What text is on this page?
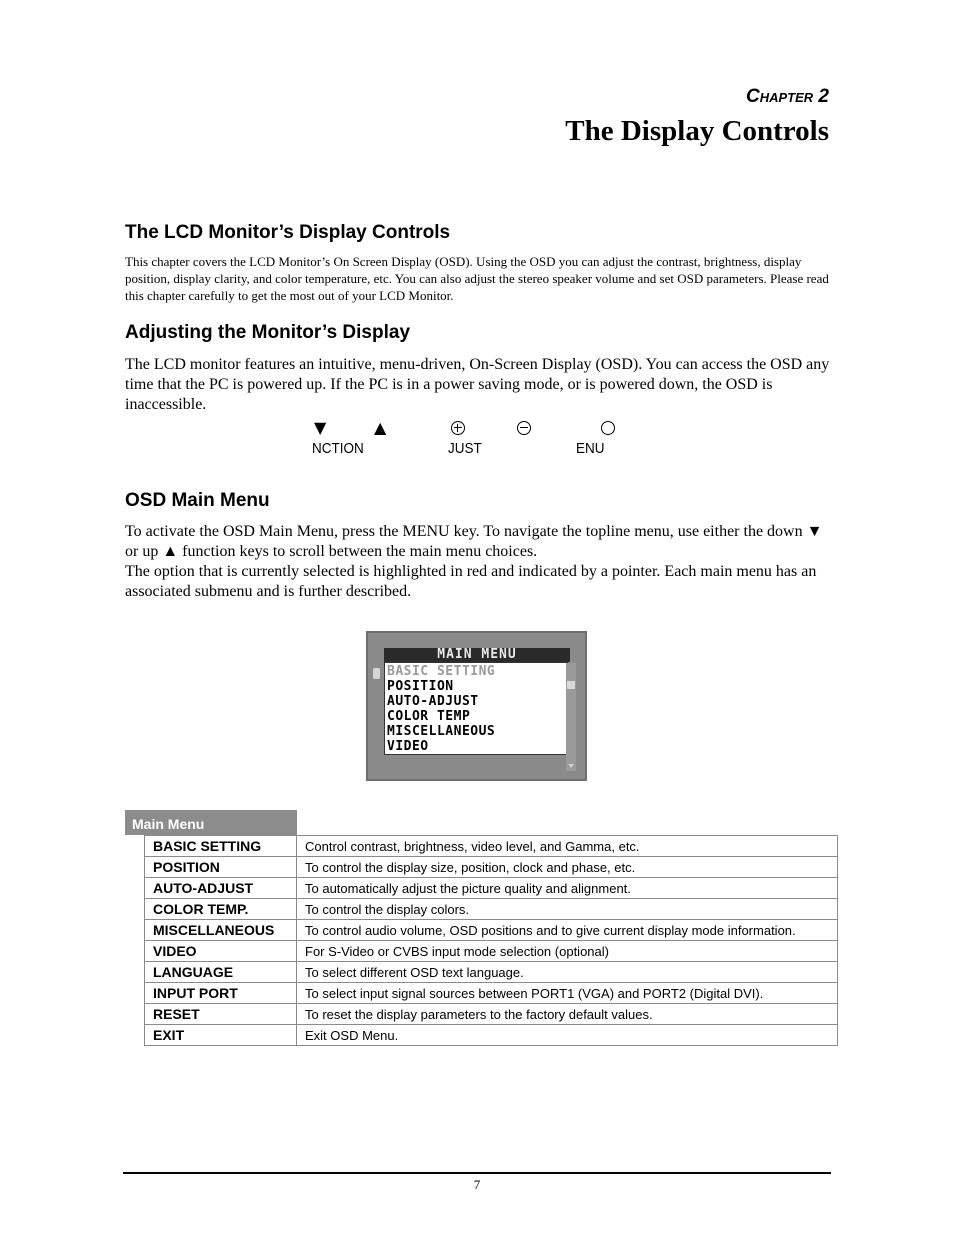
Chapter 2
The Display Controls
The LCD Monitor’s Display Controls

This chapter covers the LCD Monitor’s On Screen Display (OSD). Using the OSD you can adjust the contrast, brightness, display position, display clarity, and color temperature, etc. You can also adjust the stereo speaker volume and set OSD parameters. Please read this chapter carefully to get the most out of your LCD Monitor.

Adjusting the Monitor’s Display

The LCD monitor features an intuitive, menu-driven, On-Screen Display (OSD). You can access the OSD any time that the PC is powered up. If the PC is in a power saving mode, or is powered down, the OSD is inaccessible.

▼	▲
NCTION	JUST	ENU
OSD Main Menu
To activate the OSD Main Menu, press the MENU key. To navigate the topline menu, use either the down ▼ or up ▲ function keys to scroll between the main menu choices.
The option that is currently selected is highlighted in red and indicated by a pointer. Each main menu has an associated submenu and is further described.
MAIN MENU
BASIC SETTING
POSITION
AUTO-ADJUST
COLOR TEMP
MISCELLANEOUS
VIDEO
Main Menu
BASIC SETTING	Control contrast, brightness, video level, and Gamma, etc.
POSITION	To control the display size, position, clock and phase, etc.
AUTO-ADJUST	To automatically adjust the picture quality and alignment.
COLOR TEMP.	To control the display colors.
MISCELLANEOUS	To control audio volume, OSD positions and to give current display mode information.
VIDEO	For S-Video or CVBS input mode selection (optional)
LANGUAGE	To select different OSD text language.
INPUT PORT	To select input signal sources between PORT1 (VGA) and PORT2 (Digital DVI).
RESET	To reset the display parameters to the factory default values.
EXIT	Exit OSD Menu.
7
